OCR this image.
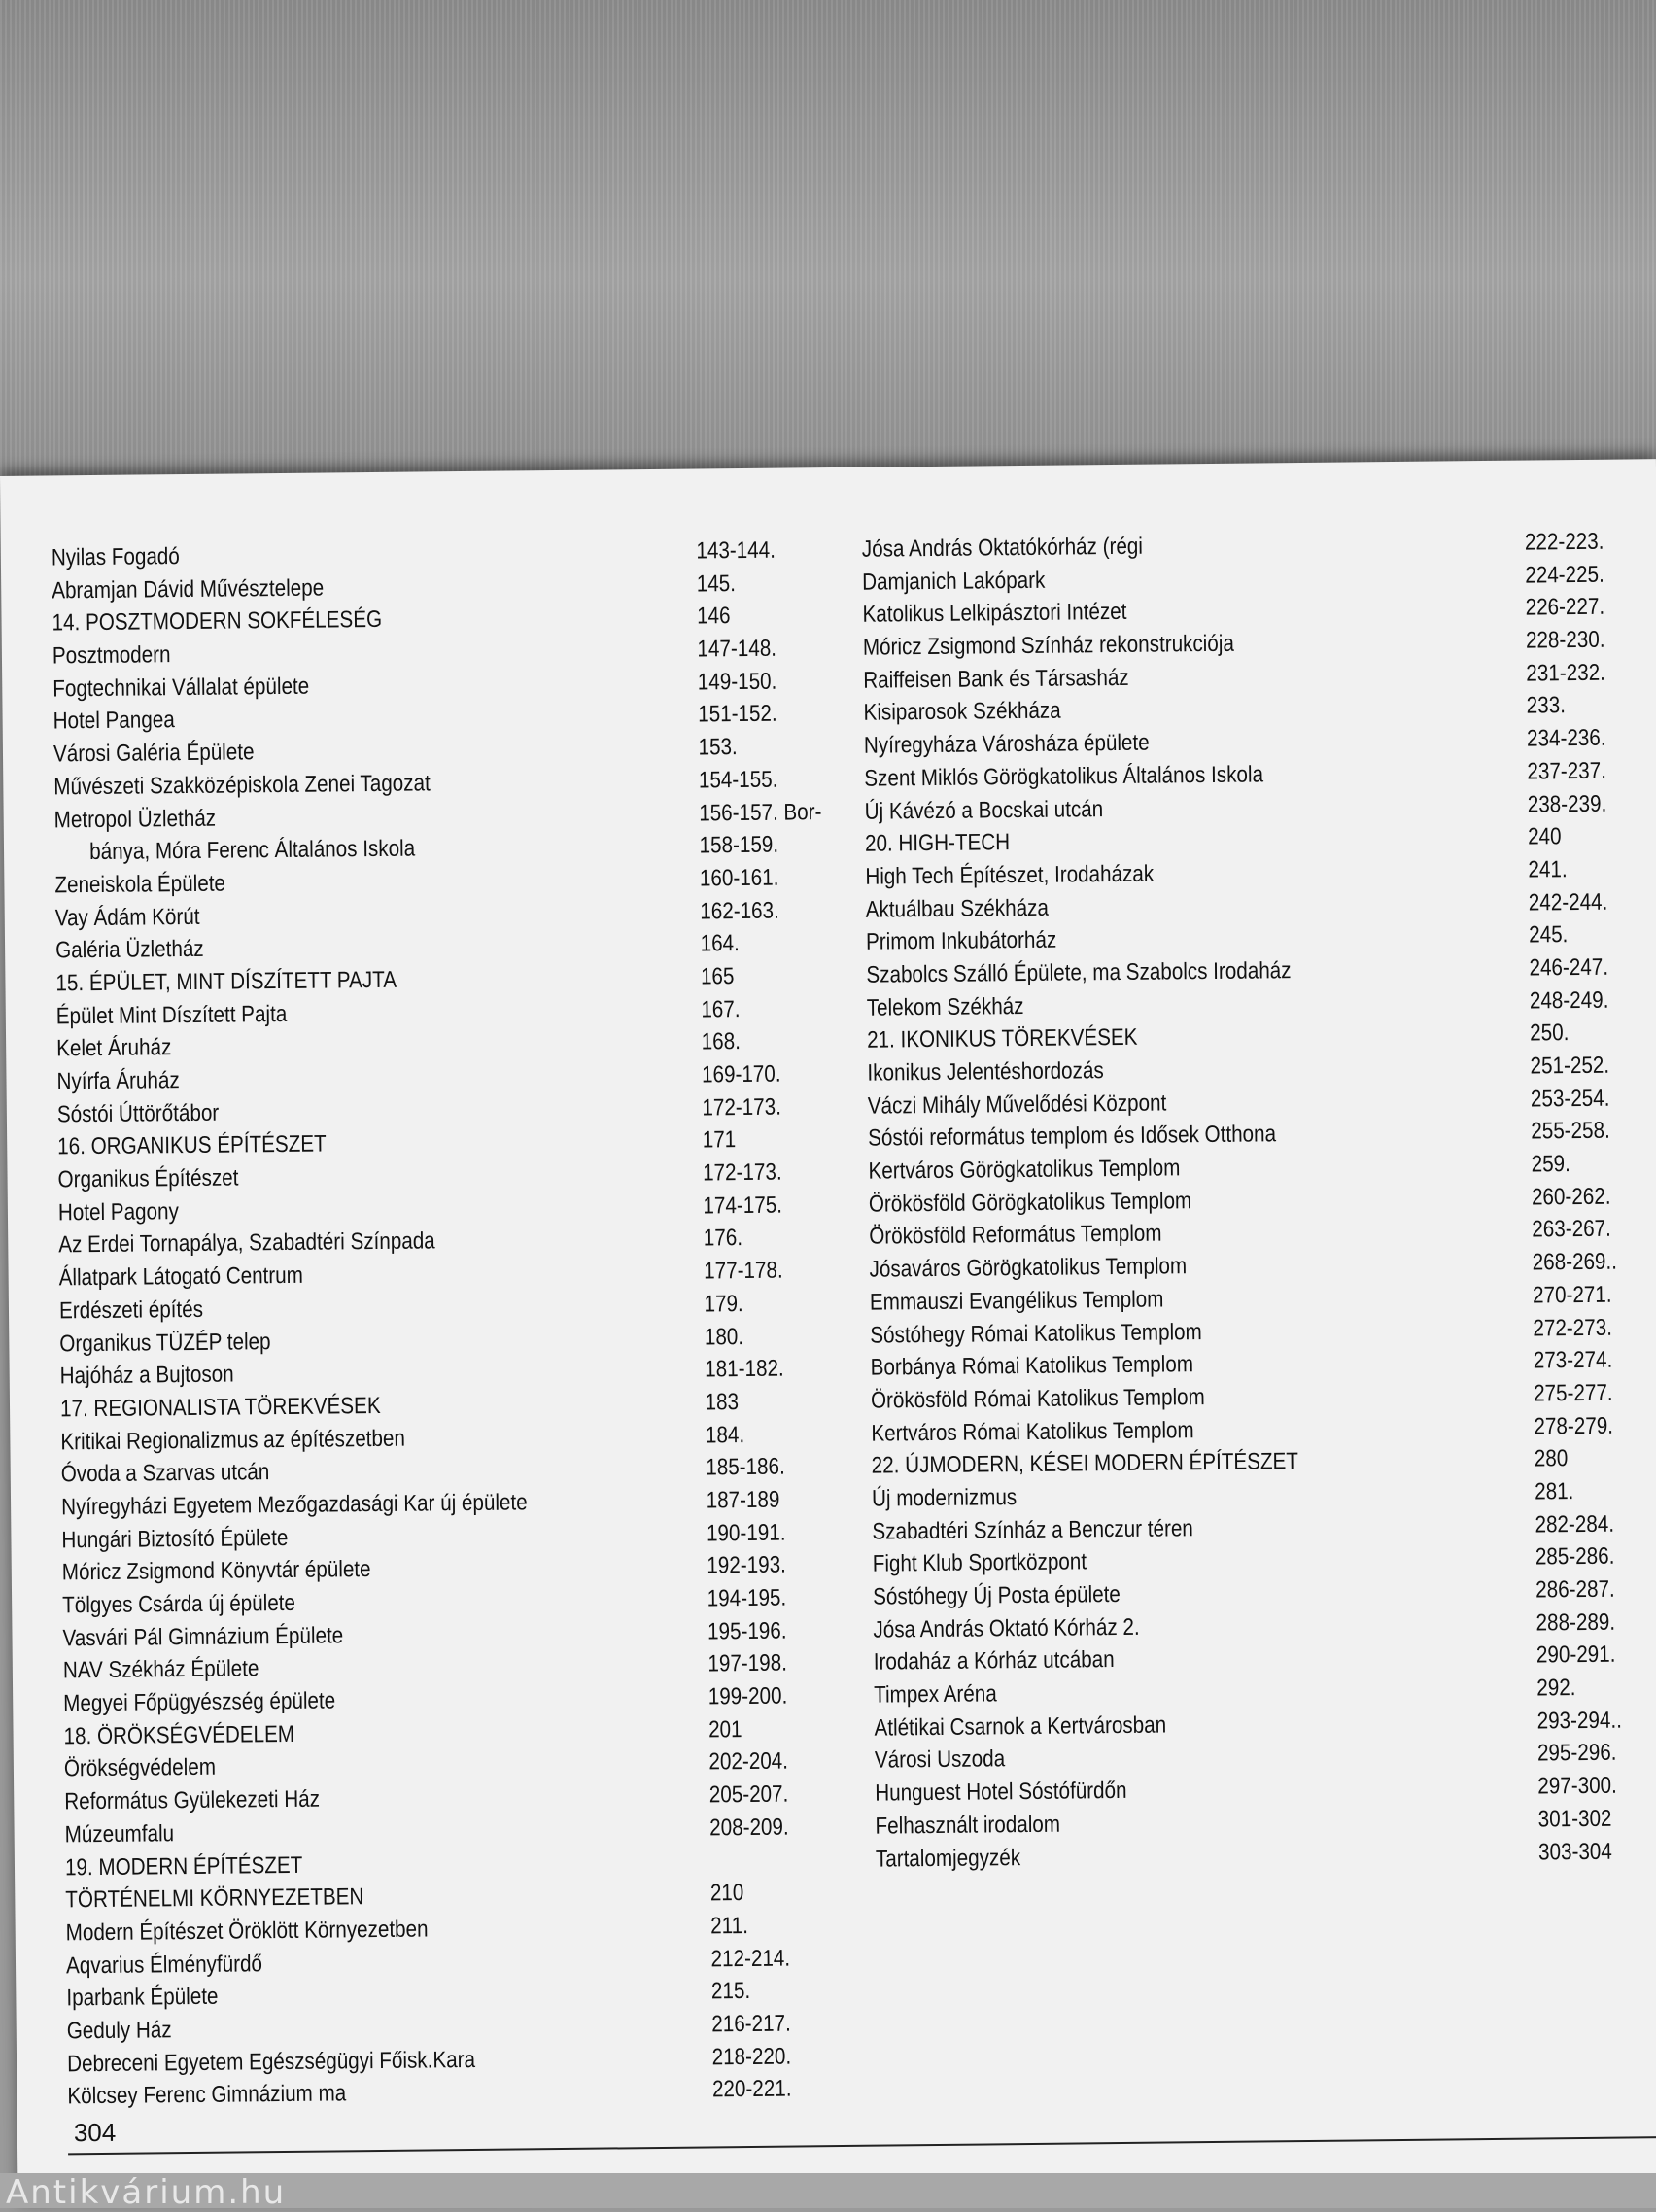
Nyilas Fogadó	143-144.
Abramjan Dávid Művésztelepe	145.
14. POSZTMODERN SOKFÉLESÉG	146
Posztmodern	147-148.
Fogtechnikai Vállalat épülete	149-150.
Hotel Pangea	151-152.
Városi Galéria Épülete	153.
Művészeti Szakközépiskola Zenei Tagozat	154-155.
Metropol Üzletház	156-157. Bor-
bánya, Móra Ferenc Általános Iskola	158-159.
Zeneiskola Épülete	160-161.
Vay Ádám Körút	162-163.
Galéria Üzletház	164.
15. ÉPÜLET, MINT DÍSZÍTETT PAJTA	165
Épület Mint Díszített Pajta	167.
Kelet Áruház	168.
Nyírfa Áruház	169-170.
Sóstói Úttörőtábor	172-173.
16. ORGANIKUS ÉPÍTÉSZET	171
Organikus Építészet	172-173.
Hotel Pagony	174-175.
Az Erdei Tornapálya, Szabadtéri Színpada	176.
Állatpark Látogató Centrum	177-178.
Erdészeti építés	179.
Organikus TÜZÉP telep	180.
Hajóház a Bujtoson	181-182.
17. REGIONALISTA TÖREKVÉSEK	183
Kritikai Regionalizmus az építészetben	184.
Óvoda a Szarvas utcán	185-186.
Nyíregyházi Egyetem Mezőgazdasági Kar új épülete	187-189
Hungári Biztosító Épülete	190-191.
Móricz Zsigmond Könyvtár épülete	192-193.
Tölgyes Csárda új épülete	194-195.
Vasvári Pál Gimnázium Épülete	195-196.
NAV Székház Épülete	197-198.
Megyei Főpügyészség épülete	199-200.
18. ÖRÖKSÉGVÉDELEM	201
Örökségvédelem	202-204.
Református Gyülekezeti Ház	205-207.
Múzeumfalu	208-209.
19. MODERN ÉPÍTÉSZET
TÖRTÉNELMI KÖRNYEZETBEN	210
Modern Építészet Öröklött Környezetben	211.
Aqvarius Élményfürdő	212-214.
Iparbank Épülete	215.
Geduly Ház	216-217.
Debreceni Egyetem Egészségügyi Főisk.Kara	218-220.
Kölcsey Ferenc Gimnázium ma	220-221.
Jósa András Oktatókórház (régi	222-223.
Damjanich Lakópark	224-225.
Katolikus Lelkipásztori Intézet	226-227.
Móricz Zsigmond Színház rekonstrukciója	228-230.
Raiffeisen Bank és Társasház	231-232.
Kisiparosok Székháza	233.
Nyíregyháza Városháza épülete	234-236.
Szent Miklós Görögkatolikus Általános Iskola	237-237.
Új Kávézó a Bocskai utcán	238-239.
20. HIGH-TECH	240
High Tech Építészet, Irodaházak	241.
Aktuálbau Székháza	242-244.
Primom Inkubátorház	245.
Szabolcs Szálló Épülete, ma Szabolcs Irodaház	246-247.
Telekom Székház	248-249.
21. IKONIKUS TÖREKVÉSEK	250.
Ikonikus Jelentéshordozás	251-252.
Váczi Mihály Művelődési Központ	253-254.
Sóstói református templom és Idősek Otthona	255-258.
Kertváros Görögkatolikus Templom	259.
Örökösföld Görögkatolikus Templom	260-262.
Örökösföld Református Templom	263-267.
Jósaváros Görögkatolikus Templom	268-269..
Emmauszi Evangélikus Templom	270-271.
Sóstóhegy Római Katolikus Templom	272-273.
Borbánya Római Katolikus Templom	273-274.
Örökösföld Római Katolikus Templom	275-277.
Kertváros Római Katolikus Templom	278-279.
22. ÚJMODERN, KÉSEI MODERN ÉPÍTÉSZET	280
Új modernizmus	281.
Szabadtéri Színház a Benczur téren	282-284.
Fight Klub Sportközpont	285-286.
Sóstóhegy Új Posta épülete	286-287.
Jósa András Oktató Kórház 2.	288-289.
Irodaház a Kórház utcában	290-291.
Timpex Aréna	292.
Atlétikai Csarnok a Kertvárosban	293-294..
Városi Uszoda	295-296.
Hunguest Hotel Sóstófürdőn	297-300.
Felhasznált irodalom	301-302
Tartalomjegyzék	303-304
304
Antikvárium.hu
